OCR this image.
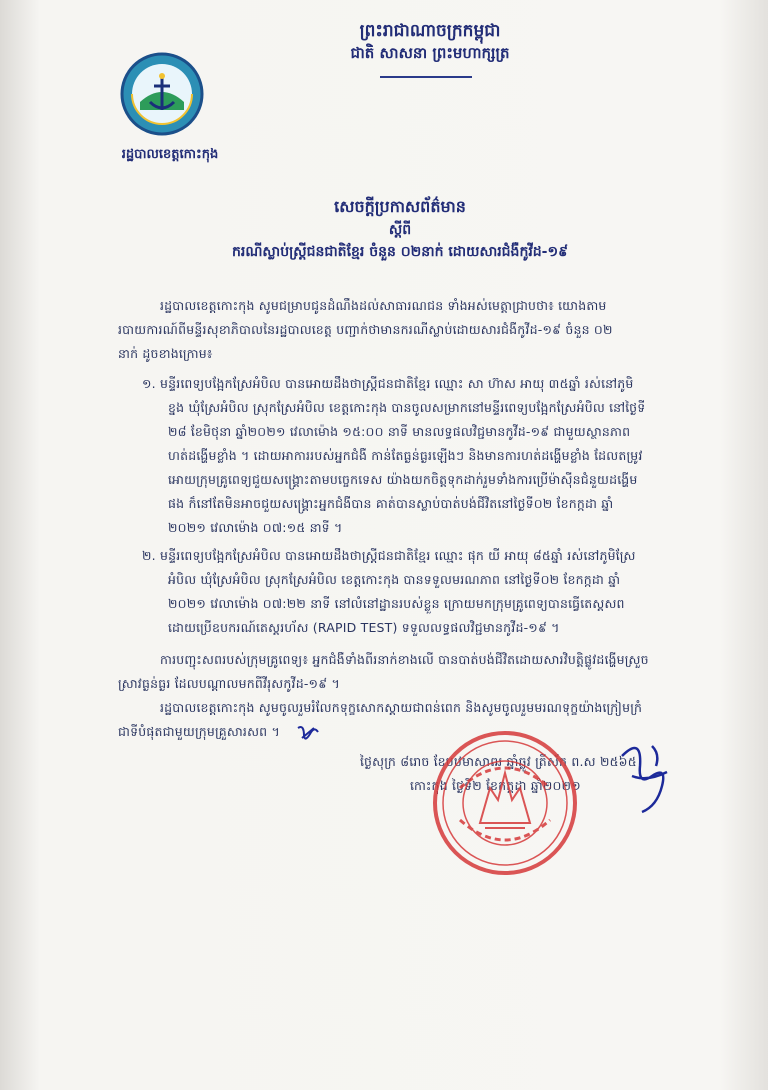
ព្រះរាជាណាចក្រកម្ពុជា
ជាតិ សាសនា ព្រះមហាក្សត្រ
រដ្ឋបាលខេត្តកោះកុង
សេចក្តីប្រកាសព័ត៌មាន
ស្តីពី
ករណីស្លាប់ស្ត្រីជនជាតិខ្មែរ ចំនួន ០២នាក់ ដោយសារជំងឺកូវីដ-១៩
រដ្ឋបាលខេត្តកោះកុង សូមជម្រាបជូនដំណឹងដល់សាធារណជន ទាំងអស់មេត្តាជ្រាបថា៖ យោងតាម
របាយការណ៍ពីមន្ទីរសុខាភិបាលនៃរដ្ឋបាលខេត្ត បញ្ជាក់ថាមានករណីស្លាប់ដោយសារជំងឺកូវីដ-១៩ ចំនួន ០២
នាក់ ដូចខាងក្រោម៖
១. មន្ទីរពេទ្យបង្អែកស្រែអំបិល បានអោយដឹងថាស្ត្រីជនជាតិខ្មែរ ឈ្មោះ សា ហ៊ាស អាយុ ៣៥ឆ្នាំ រស់នៅភូមិ
ខ្នង ឃុំស្រែអំបិល ស្រុកស្រែអំបិល ខេត្តកោះកុង បានចូលសម្រាកនៅមន្ទីរពេទ្យបង្អែកស្រែអំបិល នៅថ្ងៃទី
២៨ ខែមិថុនា ឆ្នាំ២០២១ វេលាម៉ោង ១៥:០០ នាទី មានលទ្ធផលវិជ្ជមានកូវីដ-១៩ ជាមួយស្ថានភាព
ហត់ដង្ហើមខ្លាំង ។ ដោយអាការរបស់អ្នកជំងឺ កាន់តែធ្ងន់ធ្ងរឡើងៗ និងមានការហត់ដង្ហើមខ្លាំង ដែលតម្រូវ
អោយក្រុមគ្រូពេទ្យជួយសង្គ្រោះតាមបច្ចេកទេស យ៉ាងយកចិត្តទុកដាក់រួមទាំងការប្រើម៉ាស៊ីនជំនួយដង្ហើម
ផង ក៏នៅតែមិនអាចជួយសង្គ្រោះអ្នកជំងឺបាន គាត់បានស្លាប់បាត់បង់ជីវិតនៅថ្ងៃទី០២ ខែកក្កដា ឆ្នាំ
២០២១ វេលាម៉ោង ០៧:១៥ នាទី ។
២. មន្ទីរពេទ្យបង្អែកស្រែអំបិល បានអោយដឹងថាស្ត្រីជនជាតិខ្មែរ ឈ្មោះ ផុក យី អាយុ ៨៥ឆ្នាំ រស់នៅភូមិស្រែ
អំបិល ឃុំស្រែអំបិល ស្រុកស្រែអំបិល ខេត្តកោះកុង បានទទួលមរណភាព នៅថ្ងៃទី០២ ខែកក្កដា ឆ្នាំ
២០២១ វេលាម៉ោង ០៧:២២ នាទី នៅលំនៅដ្ឋានរបស់ខ្លួន ក្រោយមកក្រុមគ្រូពេទ្យបានធ្វើតេស្តសព
ដោយប្រើឧបករណ៍តេស្តរហ័ស (RAPID TEST) ទទួលលទ្ធផលវិជ្ជមានកូវីដ-១៩ ។
ការបញ្ជុះសពរបស់ក្រុមគ្រូពេទ្យ៖ អ្នកជំងឺទាំងពីរនាក់ខាងលើ បានបាត់បង់ជីវិតដោយសារវិបត្តិផ្លូវដង្ហើមស្រួច
ស្រាវធ្ងន់ធ្ងរ ដែលបណ្តាលមកពីវីរុសកូវីដ-១៩ ។
រដ្ឋបាលខេត្តកោះកុង សូមចូលរួមរំលែកទុក្ខសោកស្តាយជាពន់ពេក និងសូមចូលរួមមរណទុក្ខយ៉ាងក្រៀមក្រំ
ជាទីបំផុតជាមួយក្រុមគ្រួសារសព ។
ថ្ងៃសុក្រ ៨រោច ខែបឋមាសាឍ ឆ្នាំឆ្លូវ ត្រីស័ក ព.ស ២៥៦៥
កោះកុង ថ្ងៃទី២ ខែកក្កដា ឆ្នាំ២០២១
